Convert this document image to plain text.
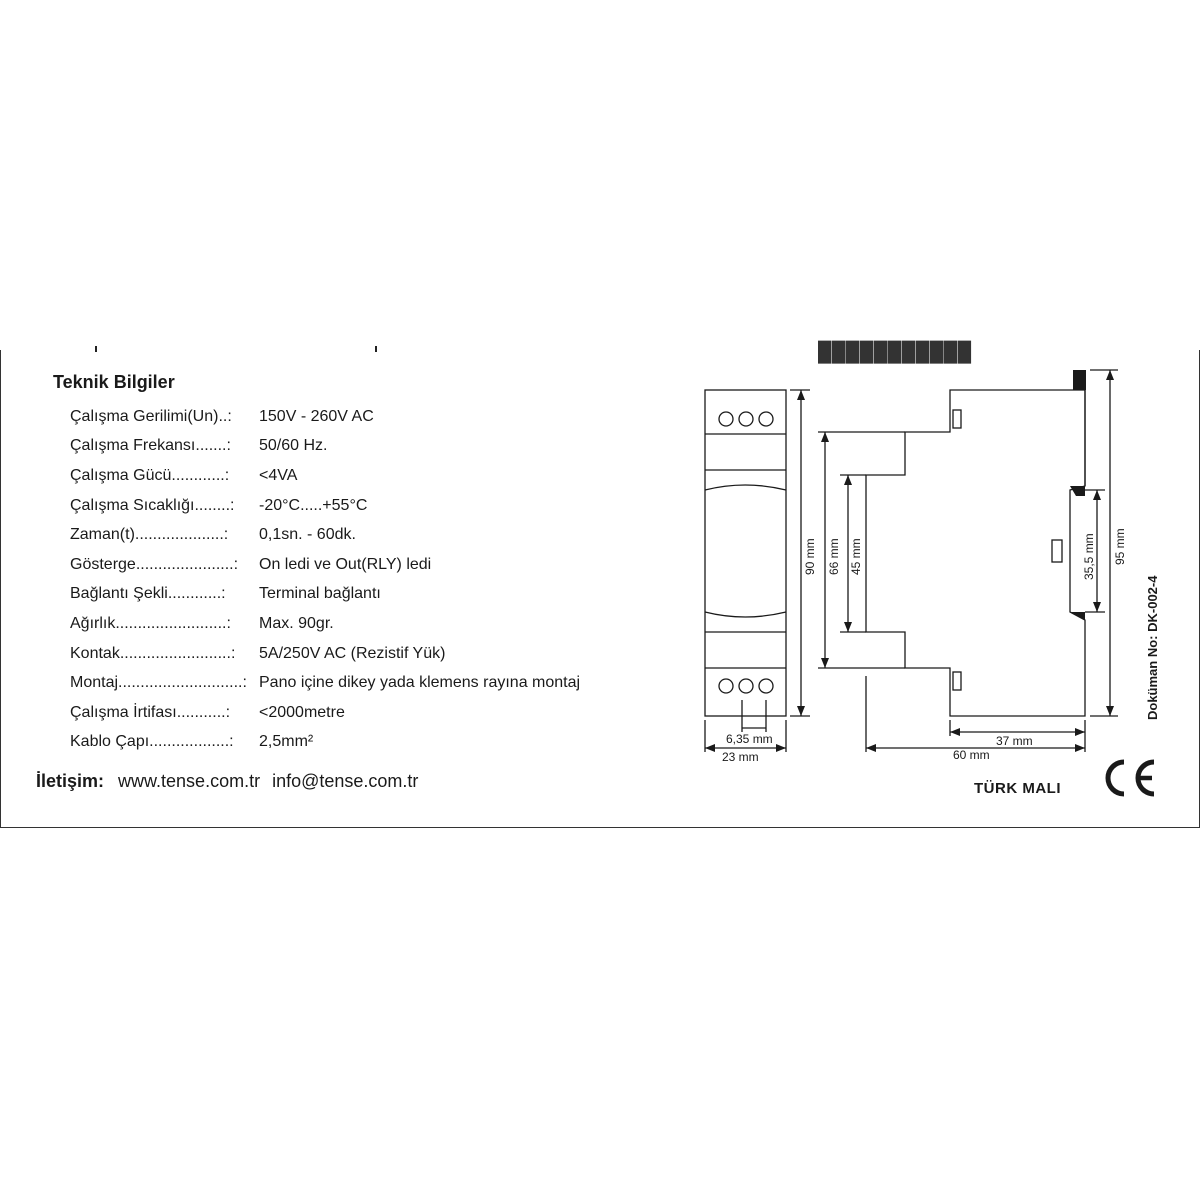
███████████
Teknik Bilgiler
Çalışma Gerilimi(Un)..:	150V - 260V AC
Çalışma Frekansı.......:	50/60 Hz.
Çalışma Gücü............:	<4VA
Çalışma Sıcaklığı........:	-20°C.....+55°C
Zaman(t)....................:	0,1sn. - 60dk.
Gösterge......................:	On ledi ve Out(RLY) ledi
Bağlantı Şekli............:	Terminal bağlantı
Ağırlık.........................:	Max. 90gr.
Kontak.........................:	5A/250V AC (Rezistif Yük)
Montaj............................: Pano içine dikey yada klemens rayına montaj
Çalışma İrtifası...........:	<2000metre
Kablo Çapı..................:	2,5mm²
İletişim: www.tense.com.tr info@tense.com.tr
90 mm 66 mm 45 mm	95 mm
35,5 mm
6,35 mm
23 mm
37 mm
60 mm
TÜRK MALI
Doküman No: DK-002-4
